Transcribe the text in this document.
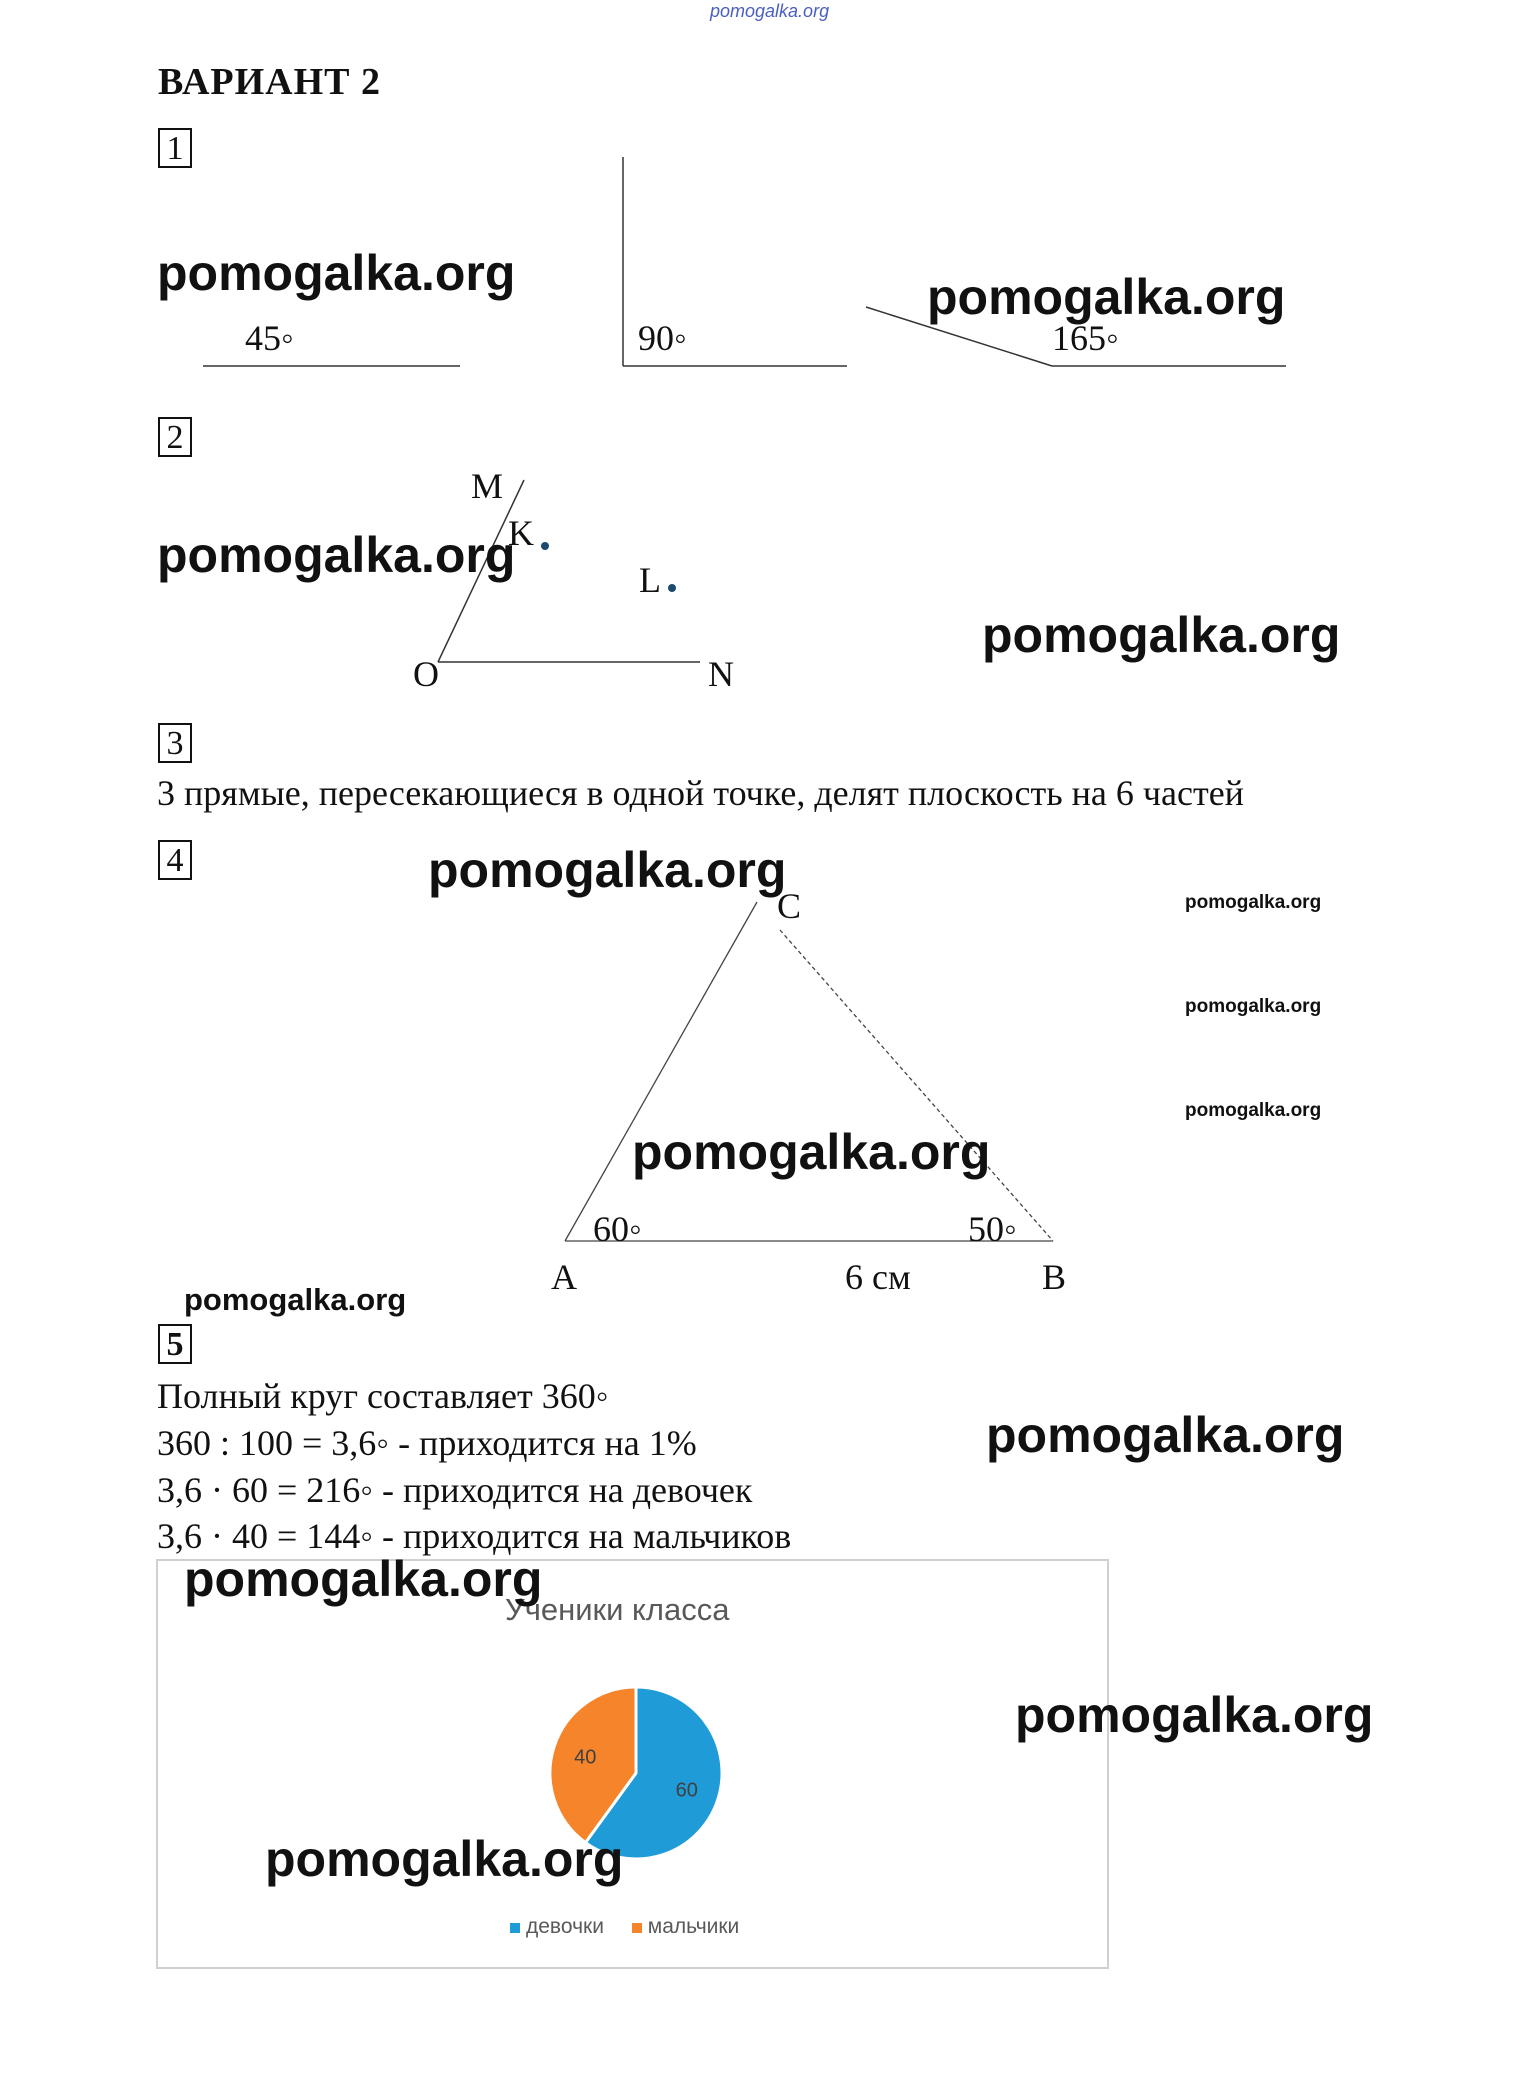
pomogalka.org
ВАРИАНТ 2
1
60
40
pomogalka.org	pomogalka.org
45◦	90◦	165◦
2
pomogalka.org
pomogalka.org
M
K
L
O	N
3
3 прямые, пересекающиеся в одной точке, делят плоскость на 6 частей
4	pomogalka.org
pomogalka.org
pomogalka.org
pomogalka.org
pomogalka.org
pomogalka.org
C
60◦	50◦
A	6 см	B
5
Полный круг составляет 360◦
360 : 100 = 3,6◦ - приходится на 1%
3,6 · 60 = 216◦ - приходится на девочек
3,6 · 40 = 144◦ - приходится на мальчиков
pomogalka.org
Ученики класса
pomogalka.org
pomogalka.org
девочки мальчики
pomogalka.org
